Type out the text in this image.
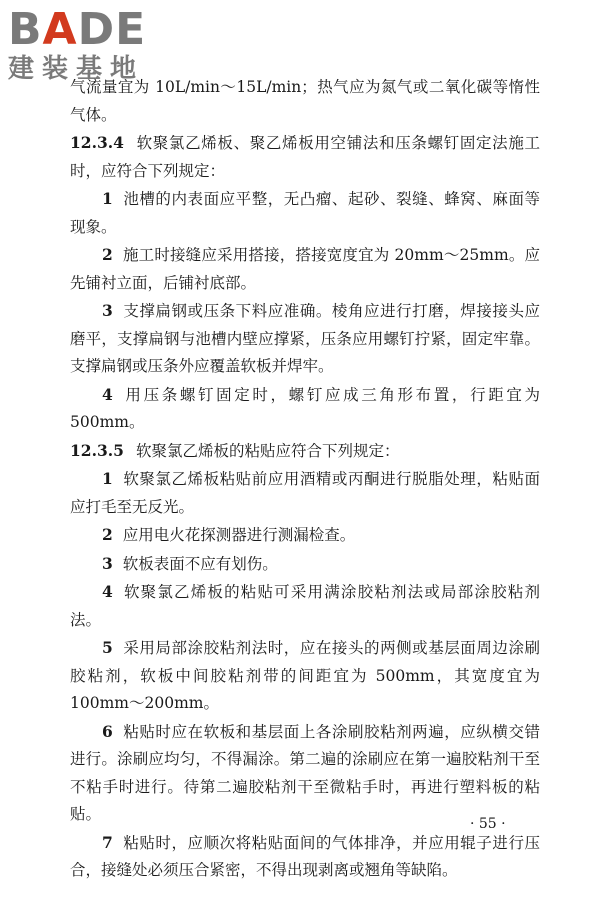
BADE
建装基地

气流量宜为 10L/min～15L/min；热气应为氮气或二氧化碳等惰性气体。

12.3.4 软聚氯乙烯板、聚乙烯板用空铺法和压条螺钉固定法施工时，应符合下列规定：

1 池槽的内表面应平整，无凸瘤、起砂、裂缝、蜂窝、麻面等现象。

2 施工时接缝应采用搭接，搭接宽度宜为 20mm～25mm。应先铺衬立面，后铺衬底部。

3 支撑扁钢或压条下料应准确。棱角应进行打磨，焊接接头应磨平，支撑扁钢与池槽内壁应撑紧，压条应用螺钉拧紧，固定牢靠。支撑扁钢或压条外应覆盖软板并焊牢。

4 用压条螺钉固定时，螺钉应成三角形布置，行距宜为500mm。

12.3.5 软聚氯乙烯板的粘贴应符合下列规定：

1 软聚氯乙烯板粘贴前应用酒精或丙酮进行脱脂处理，粘贴面应打毛至无反光。

2 应用电火花探测器进行测漏检查。

3 软板表面不应有划伤。

4 软聚氯乙烯板的粘贴可采用满涂胶粘剂法或局部涂胶粘剂法。

5 采用局部涂胶粘剂法时，应在接头的两侧或基层面周边涂刷胶粘剂，软板中间胶粘剂带的间距宜为 500mm，其宽度宜为100mm～200mm。

6 粘贴时应在软板和基层面上各涂刷胶粘剂两遍，应纵横交错进行。涂刷应均匀，不得漏涂。第二遍的涂刷应在第一遍胶粘剂干至不粘手时进行。待第二遍胶粘剂干至微粘手时，再进行塑料板的粘贴。

7 粘贴时，应顺次将粘贴面间的气体排净，并应用辊子进行压合，接缝处必须压合紧密，不得出现剥离或翘角等缺陷。

· 55 ·
